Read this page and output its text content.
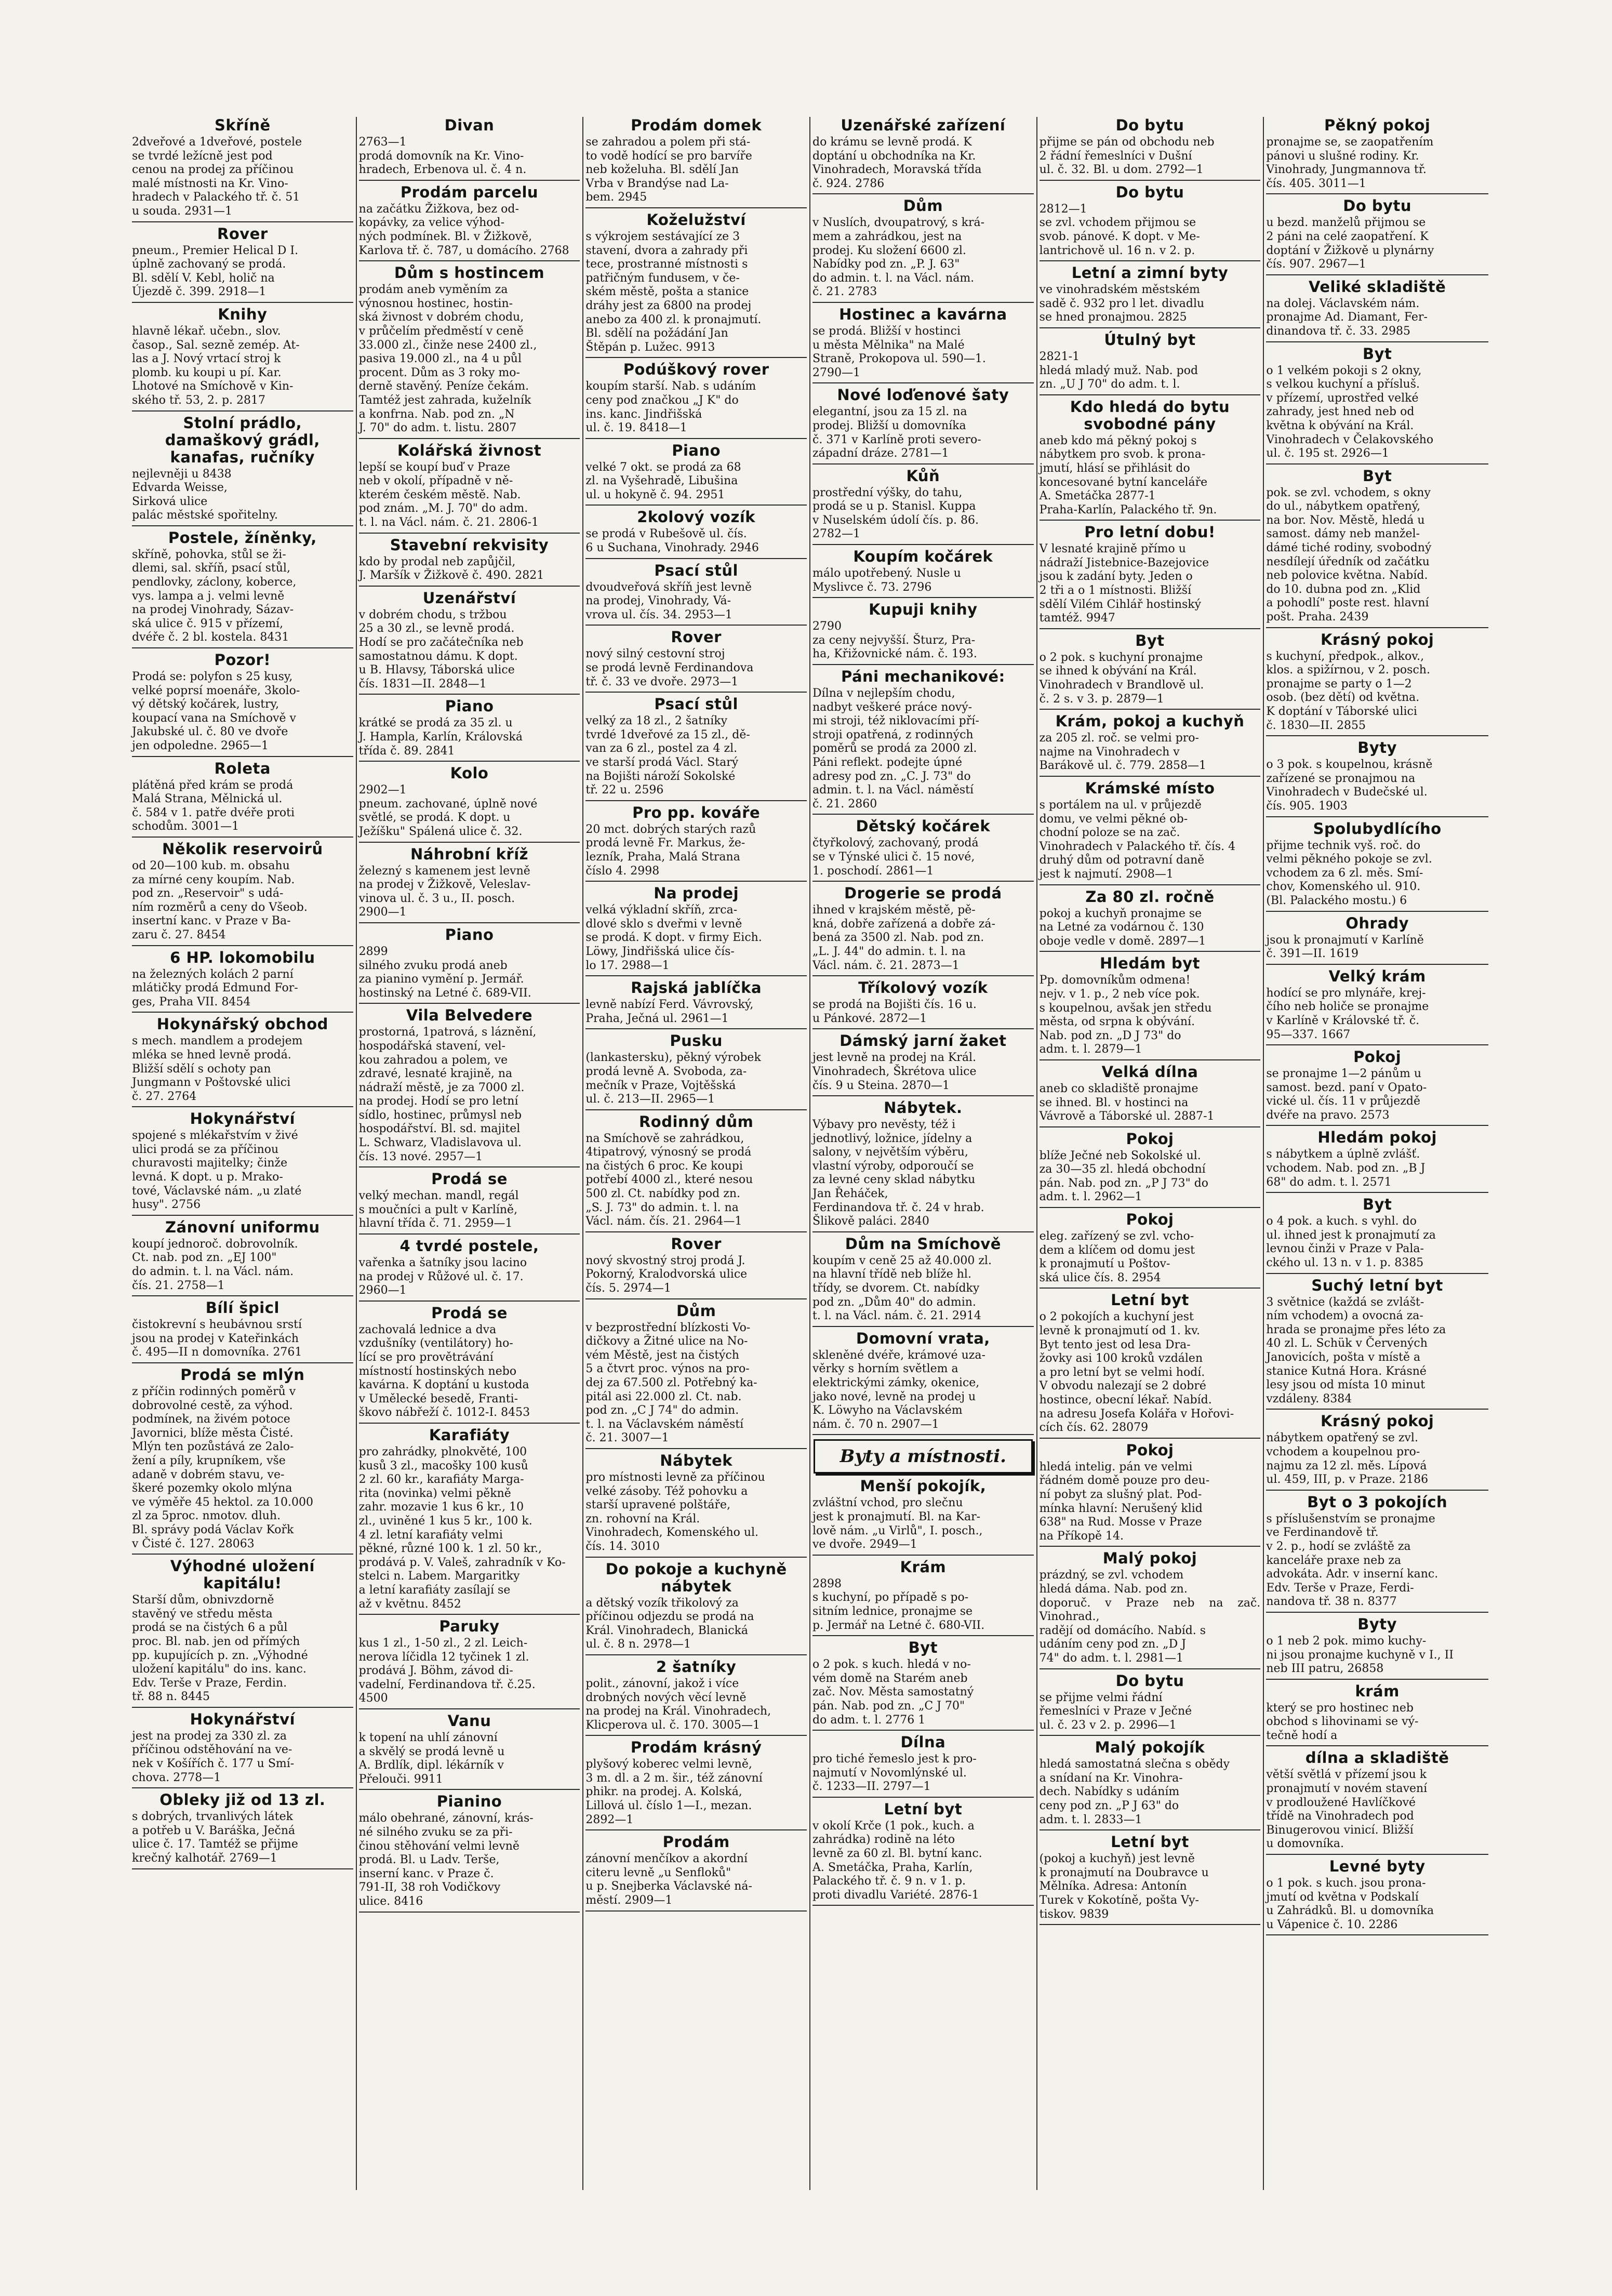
Skříně

2dveřové a 1dveřové, postele
se tvrdé ležícně jest pod
cenou na prodej za příčinou
malé místnosti na Kr. Vino-
hradech v Palackého tř. č. 51
u souda. 2931—1

Rover

pneum., Premier Helical D I.
úplně zachovaný se prodá.
Bl. sdělí V. Kebl, holič na
Újezdě č. 399. 2918—1

Knihy

hlavně lékař. učebn., slov.
časop., Sal. sezně zemép. At-
las a J. Nový vrtací stroj k
plomb. ku koupi u pí. Kar.
Lhotové na Smíchově v Kin-
ského tř. 53, 2. p. 2817

Stolní prádlo, damaškový grádl, kanafas, ručníky

nejlevněji u 8438
Edvarda Weisse,
Sirková ulice
palác městské spořitelny.

Postele, žíněnky,

skříně, pohovka, stůl se ži-
dlemi, sal. skříň, psací stůl,
pendlovky, záclony, koberce,
vys. lampa a j. velmi levně
na prodej Vinohrady, Sázav-
ská ulice č. 915 v přízemí,
dvéře č. 2 bl. kostela. 8431

Pozor!

Prodá se: polyfon s 25 kusy,
velké poprsí moenáře, 3kolo-
vý dětský kočárek, lustry,
koupací vana na Smíchově v
Jakubské ul. č. 80 ve dvoře
jen odpoledne. 2965—1

Roleta

plátěná před krám se prodá
Malá Strana, Mělnická ul.
č. 584 v 1. patře dvéře proti
schodům. 3001—1

Několik reservoirů

od 20—100 kub. m. obsahu
za mírné ceny koupím. Nab.
pod zn. „Reservoir" s udá-
ním rozměrů a ceny do Všeob.
insertní kanc. v Praze v Ba-
zaru č. 27. 8454

6 HP. lokomobilu

na železných kolách 2 parní
mlátičky prodá Edmund For-
ges, Praha VII. 8454

Hokynářský obchod

s mech. mandlem a prodejem
mléka se hned levně prodá.
Bližší sdělí s ochoty pan
Jungmann v Poštovské ulici
č. 27. 2764

Hokynářství

spojené s mlékařstvím v živé
ulici prodá se za příčinou
churavosti majitelky; činže
levná. K dopt. u p. Mrako-
tové, Václavské nám. „u zlaté
husy". 2756

Zánovní uniformu

koupí jednoroč. dobrovolník.
Ct. nab. pod zn. „EJ 100"
do admin. t. l. na Václ. nám.
čís. 21. 2758—1

Bílí špicl

čistokrevní s heubávnou srstí
jsou na prodej v Kateřinkách
č. 495—II n domovníka. 2761

Prodá se mlýn

z příčin rodinných poměrů v
dobrovolné cestě, za výhod.
podmínek, na živém potoce
Javornici, blíže města Čisté.
Mlýn ten pozůstává ze 2alo-
žení a píly, krupníkem, vše
adaně v dobrém stavu, ve-
škeré pozemky okolo mlýna
ve výměře 45 hektol. za 10.000
zl za 5proc. nmotov. dluh.
Bl. správy podá Václav Kořk
v Čisté č. 127. 28063

Výhodné uložení kapitálu!

Starší dům, obnivzdorně
stavěný ve středu města
prodá se na čistých 6 a půl
proc. Bl. nab. jen od přímých
pp. kupujících p. zn. „Výhodné
uložení kapitálu" do ins. kanc.
Edv. Terše v Praze, Ferdin.
tř. 88 n. 8445

Hokynářství

jest na prodej za 330 zl. za
příčinou odstěhování na ve-
nek v Košířích č. 177 u Smí-
chova. 2778—1

Obleky již od 13 zl.

s dobrých, trvanlivých látek
a potřeb u V. Baráška, Ječná
ulice č. 17. Tamtéž se přijme
krečný kalhotář. 2769—1

Divan

2763—1
prodá domovník na Kr. Vino-
hradech, Erbenova ul. č. 4 n.

Prodám parcelu

na začátku Žižkova, bez od-
kopávky, za velice výhod-
ných podmínek. Bl. v Žižkově,
Karlova tř. č. 787, u domácího. 2768

Dům s hostincem

prodám aneb vyměním za
výnosnou hostinec, hostin-
ská živnost v dobrém chodu,
v průčelím předměstí v ceně
33.000 zl., činže nese 2400 zl.,
pasiva 19.000 zl., na 4 u půl
procent. Dům as 3 roky mo-
derně stavěný. Peníze čekám.
Tamtéž jest zahrada, kuželník
a konfrna. Nab. pod zn. „N
J. 70" do adm. t. listu. 2807

Kolářská živnost

lepší se koupí buď v Praze
neb v okolí, případně v ně-
kterém českém městě. Nab.
pod znám. „M. J. 70" do adm.
t. l. na Václ. nám. č. 21. 2806-1

Stavební rekvisity

kdo by prodal neb zapůjčil,
J. Maršík v Žižkově č. 490. 2821

Uzenářství

v dobrém chodu, s tržbou
25 a 30 zl., se levně prodá.
Hodí se pro začátečníka neb
samostatnou dámu. K dopt.
u B. Hlavsy, Táborská ulice
čís. 1831—II. 2848—1

Piano

krátké se prodá za 35 zl. u
J. Hampla, Karlín, Královská
třída č. 89. 2841

Kolo

2902—1
pneum. zachované, úplně nové
světlé, se prodá. K dopt. u
Ježíšku" Spálená ulice č. 32.

Náhrobní kříž

železný s kamenem jest levně
na prodej v Žižkově, Veleslav-
vinova ul. č. 3 u., II. posch.
2900—1

Piano

2899
silného zvuku prodá aneb
za pianino vymění p. Jermář.
hostinský na Letné č. 689-VII.

Vila Belvedere

prostorná, 1patrová, s láznění,
hospodářská stavení, vel-
kou zahradou a polem, ve
zdravé, lesnaté krajině, na
nádraží městě, je za 7000 zl.
na prodej. Hodí se pro letní
sídlo, hostinec, průmysl neb
hospodářství. Bl. sd. majitel
L. Schwarz, Vladislavova ul.
čís. 13 nové. 2957—1

Prodá se

velký mechan. mandl, regál
s moučníci a pult v Karlíně,
hlavní třída č. 71. 2959—1

4 tvrdé postele,

vařenka a šatníky jsou lacino
na prodej v Růžové ul. č. 17.
2960—1

Prodá se

zachovalá lednice a dva
vzdušníky (ventilátory) ho-
lící se pro provětrávání
místností hostinských nebo
kavárna. K doptání u kustoda
v Umělecké besedě, Franti-
škovo nábřeží č. 1012-I. 8453

Karafiáty

pro zahrádky, plnokvěté, 100
kusů 3 zl., macošky 100 kusů
2 zl. 60 kr., karafiáty Marga-
rita (novinka) velmi pěkně
zahr. mozavie 1 kus 6 kr., 10
zl., uviněné 1 kus 5 kr., 100 k.
4 zl. letní karafiáty velmi
pěkné, různé 100 k. 1 zl. 50 kr.,
prodává p. V. Valeš, zahradník v Ko-
stelci n. Labem. Margaritky
a letní karafiáty zasílají se
až v květnu. 8452

Paruky

kus 1 zl., 1-50 zl., 2 zl. Leich-
nerova líčidla 12 tyčinek 1 zl.
prodává J. Böhm, závod di-
vadelní, Ferdinandova tř. č.25.
4500

Vanu

k topení na uhlí zánovní
a skvělý se prodá levně u
A. Brdlík, dipl. lékárník v
Přelouči. 9911

Pianino

málo obehrané, zánovní, krás-
né silného zvuku se za při-
činou stěhování velmi levně
prodá. Bl. u Ladv. Terše,
inserní kanc. v Praze č.
791-II, 38 roh Vodičkovy
ulice. 8416

Prodám domek

se zahradou a polem při stá-
to vodě hodící se pro barvíře
neb koželuha. Bl. sdělí Jan
Vrba v Brandýse nad La-
bem. 2945

Koželužství

s výkrojem sestávající ze 3
stavení, dvora a zahrady při
tece, prostranné místnosti s
patřičným fundusem, v če-
ském městě, pošta a stanice
dráhy jest za 6800 na prodej
anebo za 400 zl. k pronajmutí.
Bl. sdělí na požádání Jan
Štěpán p. Lužec. 9913

Podúškový rover

koupím starší. Nab. s udáním
ceny pod značkou „J K" do
ins. kanc. Jindřišská
ul. č. 19. 8418—1

Piano

velké 7 okt. se prodá za 68
zl. na Vyšehradě, Libušina
ul. u hokyně č. 94. 2951

2kolový vozík

se prodá v Rubešově ul. čís.
6 u Suchana, Vinohrady. 2946

Psací stůl

dvoudveřová skříň jest levně
na prodej, Vinohrady, Vá-
vrova ul. čís. 34. 2953—1

Rover

nový silný cestovní stroj
se prodá levně Ferdinandova
tř. č. 33 ve dvoře. 2973—1

Psací stůl

velký za 18 zl., 2 šatníky
tvrdé 1dveřové za 15 zl., dě-
van za 6 zl., postel za 4 zl.
ve starší prodá Václ. Starý
na Bojišti nároží Sokolské
tř. 22 u. 2596

Pro pp. kováře

20 mct. dobrých starých razů
prodá levně Fr. Markus, že-
lezník, Praha, Malá Strana
číslo 4. 2998

Na prodej

velká výkladní skříň, zrca-
dlové sklo s dveřmi v levně
se prodá. K dopt. v firmy Eich.
Löwy, Jindřišská ulice čís-
lo 17. 2988—1

Rajská jablíčka

levně nabízí Ferd. Vávrovský,
Praha, Ječná ul. 2961—1

Pusku

(lankastersku), pěkný výrobek
prodá levně A. Svoboda, za-
mečník v Praze, Vojtěšská
ul. č. 213—II. 2965—1

Rodinný dům

na Smíchově se zahrádkou,
4tipatrový, výnosný se prodá
na čistých 6 proc. Ke koupi
potřebí 4000 zl., které nesou
500 zl. Ct. nabídky pod zn.
„S. J. 73" do admin. t. l. na
Václ. nám. čís. 21. 2964—1

Rover

nový skvostný stroj prodá J.
Pokorný, Kralodvorská ulice
čís. 5. 2974—1

Dům

v bezprostřední blízkosti Vo-
dičkovy a Žitné ulice na No-
vém Městě, jest na čistých
5 a čtvrt proc. výnos na pro-
dej za 67.500 zl. Potřebný ka-
pitál asi 22.000 zl. Ct. nab.
pod zn. „C J 74" do admin.
t. l. na Václavském náměstí
č. 21. 3007—1

Nábytek

pro místnosti levně za příčinou
velké zásoby. Též pohovku a
starší upravené polštáře,
zn. rohovní na Král.
Vinohradech, Komenského ul.
čís. 14. 3010

Do pokoje a kuchyně nábytek

a dětský vozík třikolový za
příčinou odjezdu se prodá na
Král. Vinohradech, Blanická
ul. č. 8 n. 2978—1

2 šatníky

polit., zánovní, jakož i více
drobných nových věcí levně
na prodej na Král. Vinohradech,
Klicperova ul. č. 170. 3005—1

Prodám krásný

plyšový koberec velmi levně,
3 m. dl. a 2 m. šir., též zánovní
phikr. na prodej. A. Kolská,
Lillová ul. číslo 1—I., mezan.
2892—1

Prodám

zánovní menčíkov a akordní
citeru levně „u Senfloků"
u p. Snejberka Václavské ná-
městí. 2909—1

Uzenářské zařízení

do krámu se levně prodá. K
doptání u obchodníka na Kr.
Vinohradech, Moravská třída
č. 924. 2786

Dům

v Nuslích, dvoupatrový, s krá-
mem a zahrádkou, jest na
prodej. Ku složení 6600 zl.
Nabídky pod zn. „P. J. 63"
do admin. t. l. na Václ. nám.
č. 21. 2783

Hostinec a kavárna

se prodá. Bližší v hostinci
u města Mělnika" na Malé
Straně, Prokopova ul. 590—1.
2790—1

Nové loďenové šaty

elegantní, jsou za 15 zl. na
prodej. Bližší u domovníka
č. 371 v Karlíně proti severo-
západní dráze. 2781—1

Kůň

prostřední výšky, do tahu,
prodá se u p. Stanisl. Kuppa
v Nuselském údolí čís. p. 86.
2782—1

Koupím kočárek

málo upotřebený. Nusle u
Myslivce č. 73. 2796

Kupuji knihy

2790
za ceny nejvyšší. Šturz, Pra-
ha, Křižovnické nám. č. 193.

Páni mechanikové:

Dílna v nejlepším chodu,
nadbyt veškeré práce nový-
mi stroji, též niklovacími pří-
stroji opatřená, z rodinných
poměrů se prodá za 2000 zl.
Páni reflekt. podejte úpné
adresy pod zn. „C. J. 73" do
admin. t. l. na Václ. náměstí
č. 21. 2860

Dětský kočárek

čtyřkolový, zachovaný, prodá
se v Týnské ulici č. 15 nové,
1. poschodí. 2861—1

Drogerie se prodá

ihned v krajském městě, pě-
kná, dobře zařízená a dobře zá-
bená za 3500 zl. Nab. pod zn.
„L. J. 44" do admin. t. l. na
Václ. nám. č. 21. 2873—1

Tříkolový vozík

se prodá na Bojišti čís. 16 u.
u Pánkové. 2872—1

Dámský jarní žaket

jest levně na prodej na Král.
Vinohradech, Škrétova ulice
čís. 9 u Steina. 2870—1

Nábytek.

Výbavy pro nevěsty, též i
jednotlivý, ložnice, jídelny a
salony, v největším výběru,
vlastní výroby, odporoučí se
za levné ceny sklad nábytku
Jan Řeháček,
Ferdinandova tř. č. 24 v hrab.
Šlikově paláci. 2840

Dům na Smíchově

koupím v ceně 25 až 40.000 zl.
na hlavní třídě neb blíže hl.
třídy, se dvorem. Ct. nabídky
pod zn. „Dům 40" do admin.
t. l. na Václ. nám. č. 21. 2914

Domovní vrata,

skleněné dvéře, krámové uza-
věrky s horním světlem a
elektrickými zámky, okenice,
jako nové, levně na prodej u
K. Löwyho na Václavském
nám. č. 70 n. 2907—1

Byty a místnosti.
Menší pokojík,

zvláštní vchod, pro slečnu
jest k pronajmutí. Bl. na Kar-
lově nám. „u Virlů", I. posch.,
ve dvoře. 2949—1

Krám

2898
s kuchyní, po případě s po-
sitním lednice, pronajme se
p. Jermář na Letné č. 680-VII.

Byt

o 2 pok. s kuch. hledá v no-
vém domě na Starém aneb
zač. Nov. Města samostatný
pán. Nab. pod zn. „C J 70"
do adm. t. l. 2776 1

Dílna

pro tiché řemeslo jest k pro-
najmutí v Novomlýnské ul.
č. 1233—II. 2797—1

Letní byt

v okolí Krče (1 pok., kuch. a
zahrádka) rodině na léto
levně za 60 zl. Bl. bytní kanc.
A. Smetáčka, Praha, Karlín,
Palackého tř. č. 9 n. v 1. p.
proti divadlu Variété. 2876-1

Do bytu

přijme se pán od obchodu neb
2 řádní řemeslníci v Dušní
ul. č. 32. Bl. u dom. 2792—1

Do bytu

2812—1
se zvl. vchodem přijmou se
svob. pánové. K dopt. v Me-
lantrichově ul. 16 n. v 2. p.

Letní a zimní byty

ve vinohradském městském
sadě č. 932 pro l let. divadlu
se hned pronajmou. 2825

Útulný byt

2821-1
hledá mladý muž. Nab. pod
zn. „U J 70" do adm. t. l.

Kdo hledá do bytu svobodné pány

aneb kdo má pěkný pokoj s
nábytkem pro svob. k prona-
jmutí, hlásí se přihlásit do
koncesované bytní kanceláře
A. Smetáčka 2877-1
Praha-Karlín, Palackého tř. 9n.

Pro letní dobu!

V lesnaté krajině přímo u
nádraží Jistebnice-Bazejovice
jsou k zadání byty. Jeden o
2 tři a o 1 místnosti. Bližší
sdělí Vilém Cihlář hostinský
tamtéž. 9947

Byt

o 2 pok. s kuchyní pronajme
se ihned k obývání na Král.
Vinohradech v Brandlově ul.
č. 2 s. v 3. p. 2879—1

Krám, pokoj a kuchyň

za 205 zl. roč. se velmi pro-
najme na Vinohradech v
Barákově ul. č. 779. 2858—1

Krámské místo

s portálem na ul. v průjezdě
domu, ve velmi pěkné ob-
chodní poloze se na zač.
Vinohradech v Palackého tř. čís. 4
druhý dům od potravní daně
jest k najmutí. 2908—1

Za 80 zl. ročně

pokoj a kuchyň pronajme se
na Letné za vodárnou č. 130
oboje vedle v domě. 2897—1

Hledám byt

Pp. domovníkům odmena!
nejv. v 1. p., 2 neb více pok.
s koupelnou, avšak jen středu
města, od srpna k obývání.
Nab. pod zn. „D J 73" do
adm. t. l. 2879—1

Velká dílna

aneb co skladiště pronajme
se ihned. Bl. v hostinci na
Vávrově a Táborské ul. 2887-1

Pokoj

blíže Ječné neb Sokolské ul.
za 30—35 zl. hledá obchodní
pán. Nab. pod zn. „P J 73" do
adm. t. l. 2962—1

Pokoj

eleg. zařízený se zvl. vcho-
dem a klíčem od domu jest
k pronajmutí u Poštov-
ská ulice čís. 8. 2954

Letní byt

o 2 pokojích a kuchyní jest
levně k pronajmutí od 1. kv.
Byt tento jest od lesa Dra-
žovky asi 100 kroků vzdálen
a pro letní byt se velmi hodí.
V obvodu nalezají se 2 dobré
hostince, obecní lékař. Nabíd.
na adresu Josefa Kolářa v Hořovi-
cích čís. 62. 28079

Pokoj

hledá intelig. pán ve velmi
řádném domě pouze pro deu-
ní pobyt za slušný plat. Pod-
mínka hlavní: Nerušený klid
638" na Rud. Mosse v Praze
na Příkopě 14.

Malý pokoj

prázdný, se zvl. vchodem
hledá dáma. Nab. pod zn.
doporuč. v Praze neb na zač. Vinohrad.,
radějí od domácího. Nabíd. s
udáním ceny pod zn. „D J
74" do adm. t. l. 2981—1

Do bytu

se přijme velmi řádní
řemeslníci v Praze v Ječné
ul. č. 23 v 2. p. 2996—1

Malý pokojík

hledá samostatná slečna s obědy
a snídaní na Kr. Vinohra-
dech. Nabídky s udáním
ceny pod zn. „P J 63" do
adm. t. l. 2833—1

Letní byt

(pokoj a kuchyň) jest levně
k pronajmutí na Doubravce u
Mělníka. Adresa: Antonín
Turek v Kokotíně, pošta Vy-
tiskov. 9839

Pěkný pokoj

pronajme se, se zaopatřením
pánovi u slušné rodiny. Kr.
Vinohrady, Jungmannova tř.
čís. 405. 3011—1

Do bytu

u bezd. manželů přijmou se
2 páni na celé zaopatření. K
doptání v Žižkově u plynárny
čís. 907. 2967—1

Veliké skladiště

na dolej. Václavském nám.
pronajme Ad. Diamant, Fer-
dinandova tř. č. 33. 2985

Byt

o 1 velkém pokoji s 2 okny,
s velkou kuchyní a přísluš.
v přízemí, uprostřed velké
zahrady, jest hned neb od
května k obývání na Král.
Vinohradech v Čelakovského
ul. č. 195 st. 2926—1

Byt

pok. se zvl. vchodem, s okny
do ul., nábytkem opatřený,
na bor. Nov. Městě, hledá u
samost. dámy neb manžel-
dámé tiché rodiny, svobodný
nesdílejí úředník od začátku
neb polovice května. Nabíd.
do 10. dubna pod zn. „Klid
a pohodlí" poste rest. hlavní
pošt. Praha. 2439

Krásný pokoj

s kuchyní, předpok., alkov.,
klos. a spižírnou, v 2. posch.
pronajme se party o 1—2
osob. (bez dětí) od května.
K doptání v Táborské ulici
č. 1830—II. 2855

Byty

o 3 pok. s koupelnou, krásně
zařízené se pronajmou na
Vinohradech v Budečské ul.
čís. 905. 1903

Spolubydlícího

přijme technik vyš. roč. do
velmi pěkného pokoje se zvl.
vchodem za 6 zl. měs. Smí-
chov, Komenského ul. 910.
(Bl. Palackého mostu.) 6

Ohrady

jsou k pronajmutí v Karlíně
č. 391—II. 1619

Velký krám

hodící se pro mlynáře, krej-
čího neb holiče se pronajme
v Karlíně v Královské tř. č.
95—337. 1667

Pokoj

se pronajme 1—2 pánům u
samost. bezd. paní v Opato-
vické ul. čís. 11 v průjezdě
dvéře na pravo. 2573

Hledám pokoj

s nábytkem a úplně zvlášť.
vchodem. Nab. pod zn. „B J
68" do adm. t. l. 2571

Byt

o 4 pok. a kuch. s vyhl. do
ul. ihned jest k pronajmutí za
levnou činži v Praze v Pala-
ckého ul. 13 n. v 1. p. 8385

Suchý letní byt

3 světnice (každá se zvlášt-
ním vchodem) a ovocná za-
hrada se pronajme přes léto za
40 zl. L. Schük v Červených
Janovicích, pošta v místě a
stanice Kutná Hora. Krásné
lesy jsou od místa 10 minut
vzdáleny. 8384

Krásný pokoj

nábytkem opatřený se zvl.
vchodem a koupelnou pro-
najmu za 12 zl. měs. Lípová
ul. 459, III, p. v Praze. 2186

Byt o 3 pokojích

s příslušenstvím se pronajme
ve Ferdinandově tř.
v 2. p., hodí se zvláště za
kanceláře praxe neb za
advokáta. Adr. v inserní kanc.
Edv. Terše v Praze, Ferdi-
nandova tř. 38 n. 8377

Byty

o 1 neb 2 pok. mimo kuchy-
ni jsou pronajme kuchyně v I., II
neb III patru, 26858

krám

který se pro hostinec neb
obchod s lihovinami se vý-
tečně hodí a

dílna a skladiště

větší světlá v přízemí jsou k
pronajmutí v novém stavení
v prodloužené Havlíčkové
třídě na Vinohradech pod
Binugerovou vinicí. Bližší
u domovníka.

Levné byty

o 1 pok. s kuch. jsou prona-
jmutí od května v Podskalí
u Zahrádků. Bl. u domovníka
u Vápenice č. 10. 2286
